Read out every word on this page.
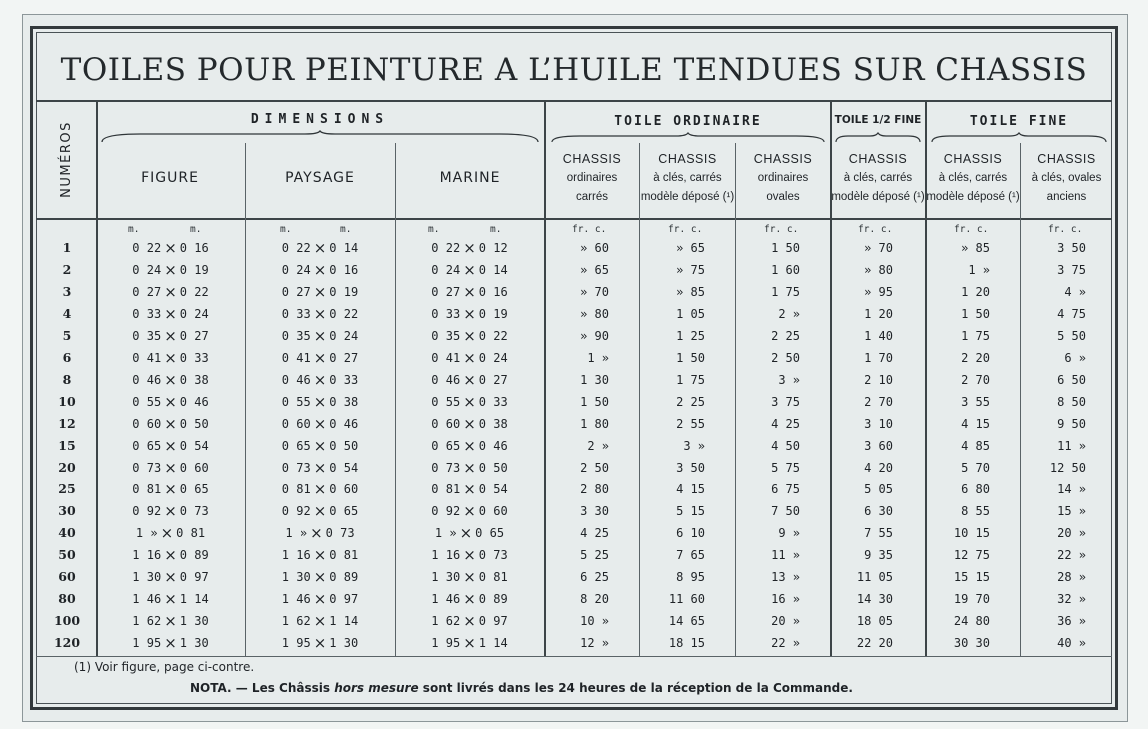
TOILES POUR PEINTURE A L’HUILE TENDUES SUR CHASSIS
NUMÉROS
DIMENSIONS	TOILE ORDINAIRE	TOILE 1/2 FINE	TOILE FINE
FIGURE	PAYSAGE	MARINE
CHASSIS
ordinaires
carrés
CHASSIS
à clés, carrés
modèle déposé (¹)
CHASSIS
ordinaires
ovales
CHASSIS
à clés, carrés
modèle déposé (¹)
CHASSIS
à clés, carrés
modèle déposé (¹)
CHASSIS
à clés, ovales
anciens
m.	m.	m.	m.	m.	m.	fr. c.	fr. c.	fr. c.	fr. c.	fr. c.	fr. c.
1	0 22 × 0 16	0 22 × 0 14	0 22 × 0 12	» 60	» 65	1 50	» 70	» 85	3 50
2	0 24 × 0 19	0 24 × 0 16	0 24 × 0 14	» 65	» 75	1 60	» 80	1 »	3 75
3	0 27 × 0 22	0 27 × 0 19	0 27 × 0 16	» 70	» 85	1 75	» 95	1 20	4 »
4	0 33 × 0 24	0 33 × 0 22	0 33 × 0 19	» 80	1 05	2 »	1 20	1 50	4 75
5	0 35 × 0 27	0 35 × 0 24	0 35 × 0 22	» 90	1 25	2 25	1 40	1 75	5 50
6	0 41 × 0 33	0 41 × 0 27	0 41 × 0 24	1 »	1 50	2 50	1 70	2 20	6 »
8	0 46 × 0 38	0 46 × 0 33	0 46 × 0 27	1 30	1 75	3 »	2 10	2 70	6 50
10	0 55 × 0 46	0 55 × 0 38	0 55 × 0 33	1 50	2 25	3 75	2 70	3 55	8 50
12	0 60 × 0 50	0 60 × 0 46	0 60 × 0 38	1 80	2 55	4 25	3 10	4 15	9 50
15	0 65 × 0 54	0 65 × 0 50	0 65 × 0 46	2 »	3 »	4 50	3 60	4 85	11 »
20	0 73 × 0 60	0 73 × 0 54	0 73 × 0 50	2 50	3 50	5 75	4 20	5 70	12 50
25	0 81 × 0 65	0 81 × 0 60	0 81 × 0 54	2 80	4 15	6 75	5 05	6 80	14 »
30	0 92 × 0 73	0 92 × 0 65	0 92 × 0 60	3 30	5 15	7 50	6 30	8 55	15 »
40	1 » × 0 81	1 » × 0 73	1 » × 0 65	4 25	6 10	9 »	7 55	10 15	20 »
50	1 16 × 0 89	1 16 × 0 81	1 16 × 0 73	5 25	7 65	11 »	9 35	12 75	22 »
60	1 30 × 0 97	1 30 × 0 89	1 30 × 0 81	6 25	8 95	13 »	11 05	15 15	28 »
80	1 46 × 1 14	1 46 × 0 97	1 46 × 0 89	8 20	11 60	16 »	14 30	19 70	32 »
100	1 62 × 1 30	1 62 × 1 14	1 62 × 0 97	10 »	14 65	20 »	18 05	24 80	36 »
120	1 95 × 1 30	1 95 × 1 30	1 95 × 1 14	12 »	18 15	22 »	22 20	30 30	40 »
(1) Voir figure, page ci-contre.
NOTA. — Les Châssis hors mesure sont livrés dans les 24 heures de la réception de la Commande.
